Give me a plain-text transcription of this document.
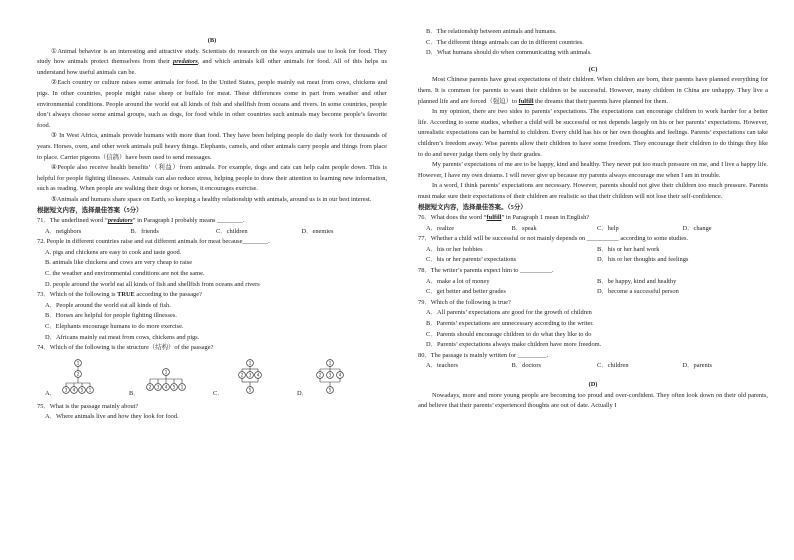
(B)

①Animal behavior is an interesting and attractive study. Scientists do research on the ways animals use to look for food. They study how animals protect themselves from their predators, and which animals kill other animals for food. All of this helps us understand how useful animals can be.

②Each country or culture raises some animals for food. In the United States, people mainly eat meat from cows, chickens and pigs. In other countries, people might raise sheep or buffalo for meat. These differences come in part from weather and other environmental conditions. People around the world eat all kinds of fish and shellfish from oceans and rivers. In some countries, people don’t always choose some animal groups, such as dogs, for food while in other countries such animals may become people’s favorite food.

③ In West Africa, animals provide humans with more than food. They have been helping people do daily work for thousands of years. Horses, oxen, and other work animals pull heavy things. Elephants, camels, and other animals carry people and things from place to place. Carrier pigeons（信鸽）have been used to send messages.

④People also receive health benefits’（利益）from animals. For example, dogs and cats can help calm people down. This is helpful for people fighting illnesses. Animals can also reduce stress, helping people to draw their attention to learning new information, such as reading. When people are walking their dogs or horses, it encourages exercise.

⑤Animals and humans share space on Earth, so keeping a healthy relationship with animals, around us is in our best interest.

根据短文内容，选择最佳答案（5分）
71．The underlined word “predators” in Paragraph I probably means ________.
A．neighbors	B．friends	C．children	D．enemies
72. People in different countries raise and eat different animals for meat because________.
A. pigs and chickens are easy to cook and taste good.
B. animals like chickens and cows are very cheap to raise
C. the weather and environmental conditions are not the same.
D. people around the world eat all kinds of fish and shellfish from oceans and rivers
73．Which of the following is TRUE according to the passage?
A．People around the world eat all kinds of fish.
B．Horses are helpful for people fighting illnesses.
C．Elephants encourage humans to do more exercise.
D．Africans mainly eat meat from cows, chickens and pigs.
74．Which of the following is the structure（结构）of the passage?
A．
1
2
3 4 5 1
B．
1
2 3 4 5 1
C．
1
2 3 4
5
D．
1
2 3 4
5
75．What is the passage mainly about?
A．Where animals live and how they look for food.
B．The relationship between animals and humans.
C．The different things animals can do in different countries.
D．What humans should do when communicating with animals.
(C)

Most Chinese parents have great expectations of their children. When children are born, their parents have planned everything for them. It is common for parents to want their children to be successful. However, many children in China are unhappy. They live a planned life and are forced（强迫）to fulfill the dreams that their parents have planned for them.

In my opinion, there are two sides to parents’ expectations. The expectations can encourage children to work harder for a better life. According to some studies, whether a child will be successful or not depends largely on his or her parents’ expectations. However, unrealistic expectations can be harmful to children. Every child has his or her own thoughts and feelings. Parents’ expectations can take children’s freedom away. Wise parents allow their children to have some freedom. They encourage their children to do things they like to do and never judge them only by their grades.

My parents’ expectations of me are to be happy, kind and healthy. They never put too much pressure on me, and I live a happy life. However, I have my own dreams. I will never give up because my parents always encourage me when I am in trouble.

In a word, I think parents’ expectations are necessary. However, parents should not give their children too much pressure. Parents must make sure their expectations of their children are realistic so that their children will not lose their self-confidence.

根据短文内容，选择最佳答案。（5分）
76．What does the word “fulfill” in Paragraph 1 mean in English?
A．realize	B．speak	C．help	D．change
77．Whether a child will be successful or not mainly depends on __________ according to some studies.
A．his or her hobbies	B．his or her hard work
C．his or her parents’ expectations	D．his or her thoughts and feelings
78．The writer’s parents expect him to __________.
A．make a lot of money	B．be happy, kind and healthy
C．get better and better grades	D．become a successful person
79．Which of the following is true?
A．All parents’ expectations are good for the growth of children
B．Parents’ expectations are unnecessary according to the writer.
C．Parents should encourage children to do what they like to do
D．Parents’ expectations always make children have more freedom.
80．The passage is mainly written for _________.
A．teachers	B．doctors	C．children	D．parents
(D)

Nowadays, more and more young people are becoming too proud and over-confident. They often look down on their old parents, and believe that their parents’ experienced thoughts are out of date. Actually I
